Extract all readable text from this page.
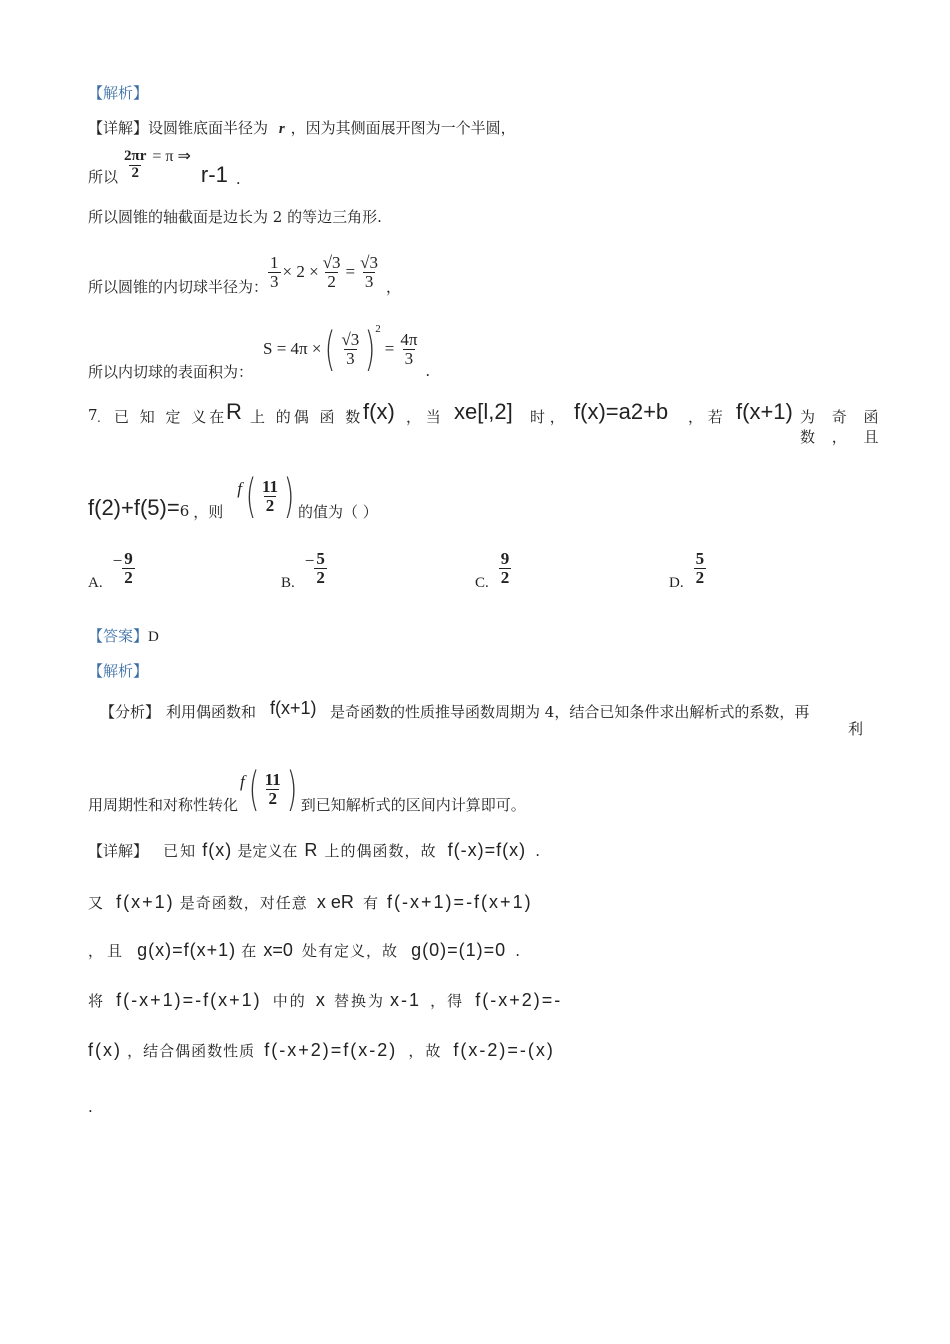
【解析】
【详解】设圆锥底面半径为 r ，因为其侧面展开图为一个半圆，
所以 $\frac{2\pi r}{2} = \pi$ ⇒
r-1 .
所以圆锥的轴截面是边长为 2 的等边三角形.
所以圆锥的内切球半径为： $\frac{1}{3} \times 2 \times \frac{√3}{2} = \frac{√3}{3}$ ，
所以内切球的表面积为：
S = 4π × ( $\frac{√3}{3}$ ) 2
= $\frac{4\pi}{3}$
.
7 . 已 知 定 义在
R 上 的偶 函 数 f(x) ， 当 xe[l,2] 时 ， f(x)=a2+b ， 若 f(x+1) 为 奇 函
数 ， 且
f(2)+f(5)= 6 ，则
f ( $\frac{11}{2}$ ) 的值为（ ）
A.
− $\frac{9}{2}$	B.
− $\frac{5}{2}$	C. $\frac{9}{2}$	D. $\frac{5}{2}$
【答案】D
【解析】
【分析】 利用偶函数和 f(x+1) 是奇函数的性质推导函数周期为 4，结合已知条件求出解析式的系数，再
利
用周期性和对称性转化
f ( $\frac{11}{2}$ ) 到已知解析式的区间内计算即可。
【详解】 已知 f(x) 是定义在 R 上的偶函数，故 f(-x)=f(x) .
又 f(x+1) 是奇函数，对任意 x eR 有 f(-x+1)=-f(x+1)
，且 g(x)=f(x+1) 在 x=0 处有定义，故 g(0)=(1)=0 .
将 f(-x+1)=-f(x+1) 中的 x 替换为 x-1 ，得 f(-x+2)=-
f(x) ，结合偶函数性质 f(-x+2)=f(x-2) ，故 f(x-2)=-(x)
.
